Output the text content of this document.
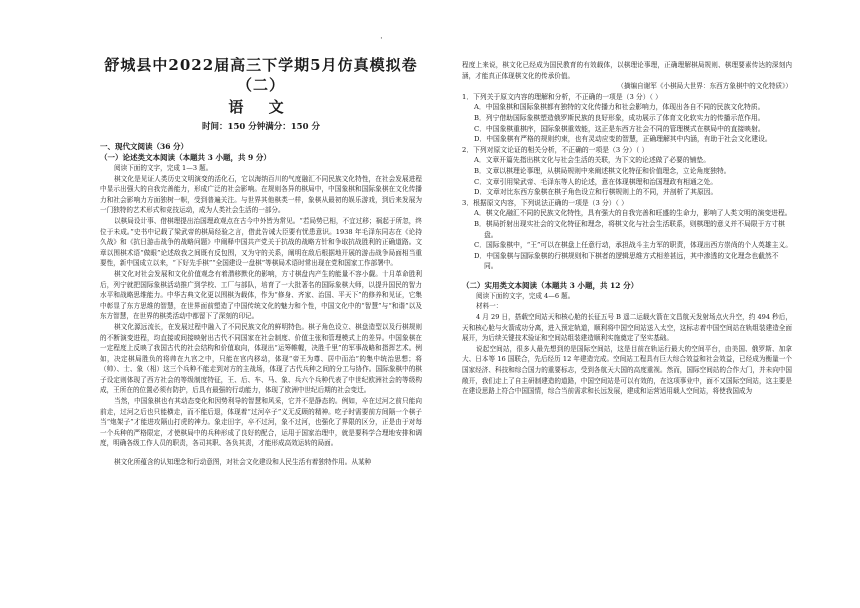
·

舒城县中2022届高三下学期5月仿真模拟卷（二）

语 文

时间：150 分钟满分：150 分

一、现代文阅读（36 分）

（一）论述类文本阅读（本题共 3 小题，共 9 分）

阅读下面的文字，完成 1—3 题。

棋文化是见证人类历史文明演变的活化石，它以海纳百川的气度融汇不同民族文化特性，在社会发展进程中显示出强大的自我完善能力，形成广泛的社会影响。在规则各异的棋局中，中国象棋和国际象棋在文化传播力和社会影响力方面独树一帜，受到普遍关注。与世界其他棋类一样，象棋从最初的娱乐游戏，到后来发展为一门独特的艺术形式和竞技运动，成为人类社会生活的一部分。

以棋局设计事、借棋理提出治国理政观点在古今中外皆为常见。“若局势已相，不宜过移；祸起于所忽，终位于未成。”史书中记载了梁武帝的棋局经验之言，借此告诫大臣要有忧患意识。1938 年毛泽东同志在《论持久战》和《抗日游击战争的战略问题》中阐释中国共产党关于抗战的战略方针和争取抗战胜利的正确道路。文章以围棋术语“做眼”论述敌我之间既有反包围，又为守的关系，阐明在敌后根据地开展的游击战争局面相当重要性，新中国成立以来，“下好先手棋”“全国建设一盘棋”等棋局术语时常出现在党和国家工作部署中。

棋文化对社会发展和文化价值观念有着潜移默化的影响，方寸棋盘内产生的能量不容小觑。十月革命胜利后，列宁就把国际象棋活动推广到学校、工厂与部队，培育了一大批著名的国际象棋大师，以提升国民的智力水平和战略思维能力。中华古典文化更以围棋为载体，作为“修身、齐家、治国、平天下”的修养和见证，它集中彰显了东方思维的智慧，在世界面前塑造了中国传统文化的魅力和个性，中国文化中的“智慧”与“和谐”以及东方智慧，在世界的棋类活动中都留下了深刻的印记。

棋文化源远流长，在发展过程中融入了不同民族文化的鲜明特色。棋子角色设立、棋盘造型以及行棋规则的不断演变进程，均直接或间接映射出古代不同国家在社会制度、价值主张和管理模式上的差异。中国象棋在一定程度上反映了我国古代的社会结构和价值取向，体现出“运筹帷幄，决胜千里”的军事战略和指挥艺术。例如，决定棋局胜负的将帅在九宫之中，只能在宫内移动，体现“帝王为尊、居中而治”的集中统治思想；将（帅）、士、象（相）这三个兵种不能走到对方的主战场，体现了古代兵种之间的分工与协作。国际象棋中的棋子设定则体现了西方社会的等级制度特征，王、后、车、马、象、兵六个兵种代表了中世纪欧洲社会的等级构成，王所在的位置必须有防护，后具有最强的行动能力，体现了欧洲中世纪后期的社会变迁。

当然，中国象棋也有其动态变化和因势利导的智慧和风采，它并不是静态的。例如，卒在过河之前只能向前走，过河之后也只能横走，而不能后退，体现着“过河卒子”义无反顾的精神。吃子时需要前方间隔一个棋子当“炮架子”才能进攻隔山打虎的神力。象走田字，卒不过河，象不过河，也强化了界限的区分，正是由于对每一个兵种的严格限定，才使棋局中的兵种形成了良好的配合，运用于国家治理中，就是要科学合理地安排和调度，明确各级工作人员的职责，各司其职、各负其责，才能形成高效运转的局面。

棋文化所蕴含的认知理念和行动意图，对社会文化建设和人民生活有着独特作用。从某种

程度上来说，棋文化已经成为国民教育的有效载体，以棋理论事理，正确理解棋局规则、棋理要素传达的深刻内涵，才能真正体现棋文化的传承价值。

（摘编自谢军《小棋局大世界：东西方象棋中的文化特质》）

1．下列关于原文内容的理解和分析，不正确的一项是（3 分）（ ）

A．中国象棋和国际象棋都有独特的文化传播力和社会影响力，体现出各自不同的民族文化特质。

B．列宁借助国际象棋塑造俄罗斯民族的良好形象，成功展示了体育文化软实力的传播示范作用。

C．中国象棋重棋序，国际象棋重效能，这正是东西方社会不同的管理模式在棋局中的直接映射。

D．中国象棋有严格的规则约束，也有灵动应变的智慧，正确理解其中内涵，有助于社会文化建设。

2．下列对原文论证的相关分析，不正确的一项是（3 分）（ ）

A．文章开篇先指出棋文化与社会生活的关联，为下文的论述做了必要的铺垫。

B．文章以棋理论事理，从棋局规则中来阐述棋文化特征和价值理念，立论角度独特。

C．文章引用梁武帝、毛泽东等人的论述，意在体现棋理和治国理政有相通之处。

D．文章对比东西方象棋在棋子角色设立和行棋规则上的不同，并剖析了其原因。

3．根据原文内容，下列说法正确的一项是（3 分）（ ）

A．棋文化融汇不同的民族文化特性，具有强大的自我完善和旺盛的生命力，影响了人类文明的演变进程。

B．棋局折射出现实社会的文化特征和理念，将棋文化与社会生活联系，则棋理的意义并不局限于方寸棋盘。

C．国际象棋中，“王”可以在棋盘上任意行动，承担战斗主力军的职责，体现出西方崇尚的个人英雄主义。

D．中国象棋与国际象棋的行棋规则和下棋者的逻辑思维方式相差甚远，其中渗透的文化理念也截然不同。

（二）实用类文本阅读（本题共 3 小题，共 12 分）

阅读下面的文字，完成 4—6 题。

材料一：

4 月 29 日，搭载空间站天和核心舱的长征五号 B 遥二运载火箭在文昌航天发射场点火升空，约 494 秒后，天和核心舱与火箭成功分离，进入预定轨道，顺利将中国空间站送入太空，这标志着中国空间站在轨组装建造全面展开，为后续关键技术验证和空间站组装建造顺利实施奠定了坚实基础。

说起空间站，很多人最先想到的是国际空间站，这是目前在轨运行最大的空间平台，由美国、俄罗斯、加拿大、日本等 16 国联合，先后经历 12 年建造完成。空间站工程具有巨大综合效益和社会效益，已经成为衡量一个国家经济、科技和综合国力的重要标志，受到各航天大国的高度重视。然而，国际空间站的合作大门，并未向中国敞开，我们走上了自主研制建造的道路，中国空间站是可以有效的，在这项事业中，面不又国际空间站，这主要是在建设思路上符合中国国情，综合当前需求和长远发展，建成和运营适用载人空间站，将使我国成为
